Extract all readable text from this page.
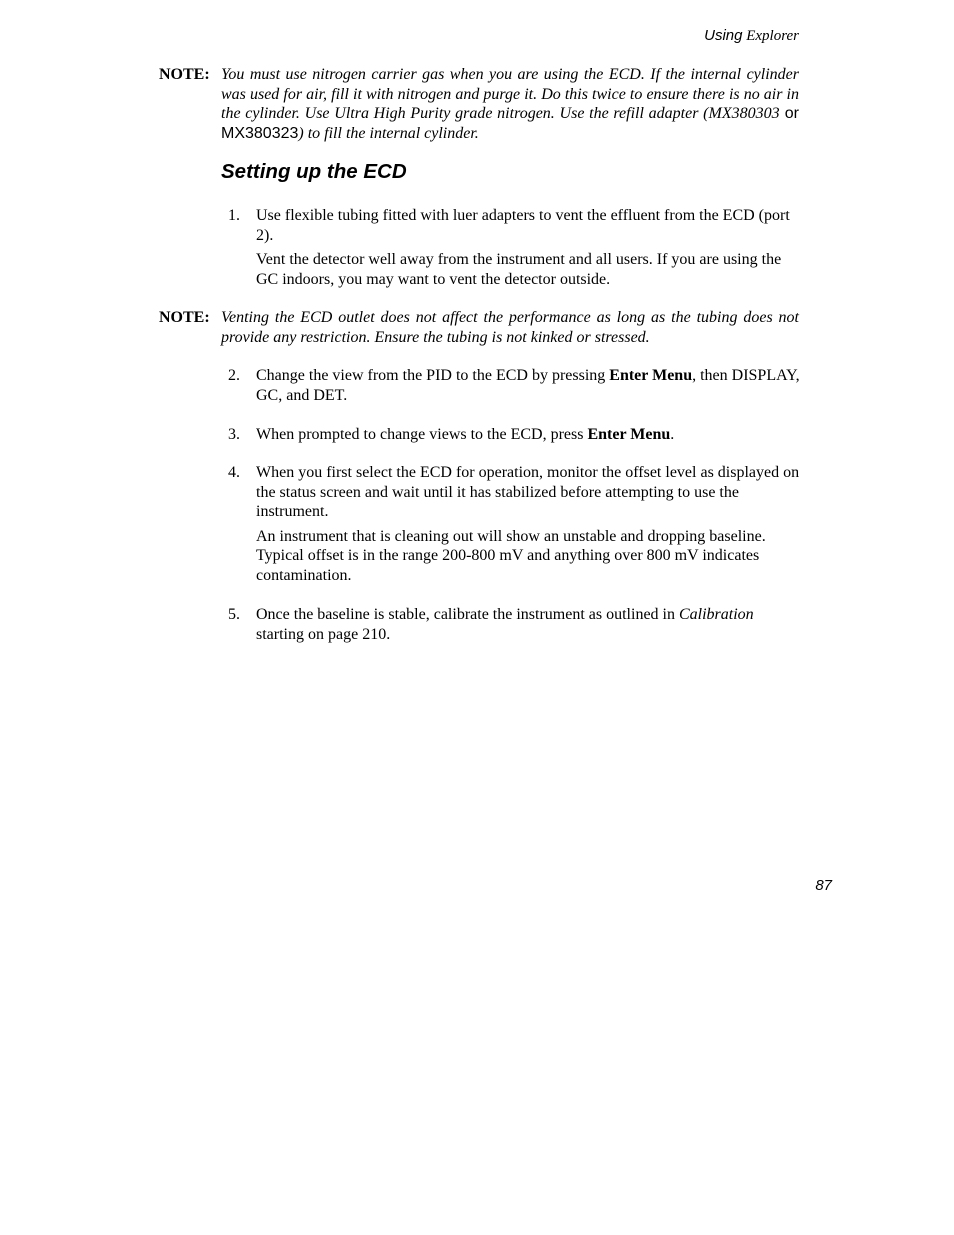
Using Explorer
NOTE: You must use nitrogen carrier gas when you are using the ECD. If the internal cylinder was used for air, fill it with nitrogen and purge it. Do this twice to ensure there is no air in the cylinder. Use Ultra High Purity grade nitrogen. Use the refill adapter (MX380303 or MX380323) to fill the internal cylinder.
Setting up the ECD
1. Use flexible tubing fitted with luer adapters to vent the effluent from the ECD (port 2).
Vent the detector well away from the instrument and all users. If you are using the GC indoors, you may want to vent the detector outside.
NOTE: Venting the ECD outlet does not affect the performance as long as the tubing does not provide any restriction. Ensure the tubing is not kinked or stressed.
2. Change the view from the PID to the ECD by pressing Enter Menu, then DISPLAY, GC, and DET.
3. When prompted to change views to the ECD, press Enter Menu.
4. When you first select the ECD for operation, monitor the offset level as displayed on the status screen and wait until it has stabilized before attempting to use the instrument.
An instrument that is cleaning out will show an unstable and dropping baseline. Typical offset is in the range 200-800 mV and anything over 800 mV indicates contamination.
5. Once the baseline is stable, calibrate the instrument as outlined in Calibration starting on page 210.
87
